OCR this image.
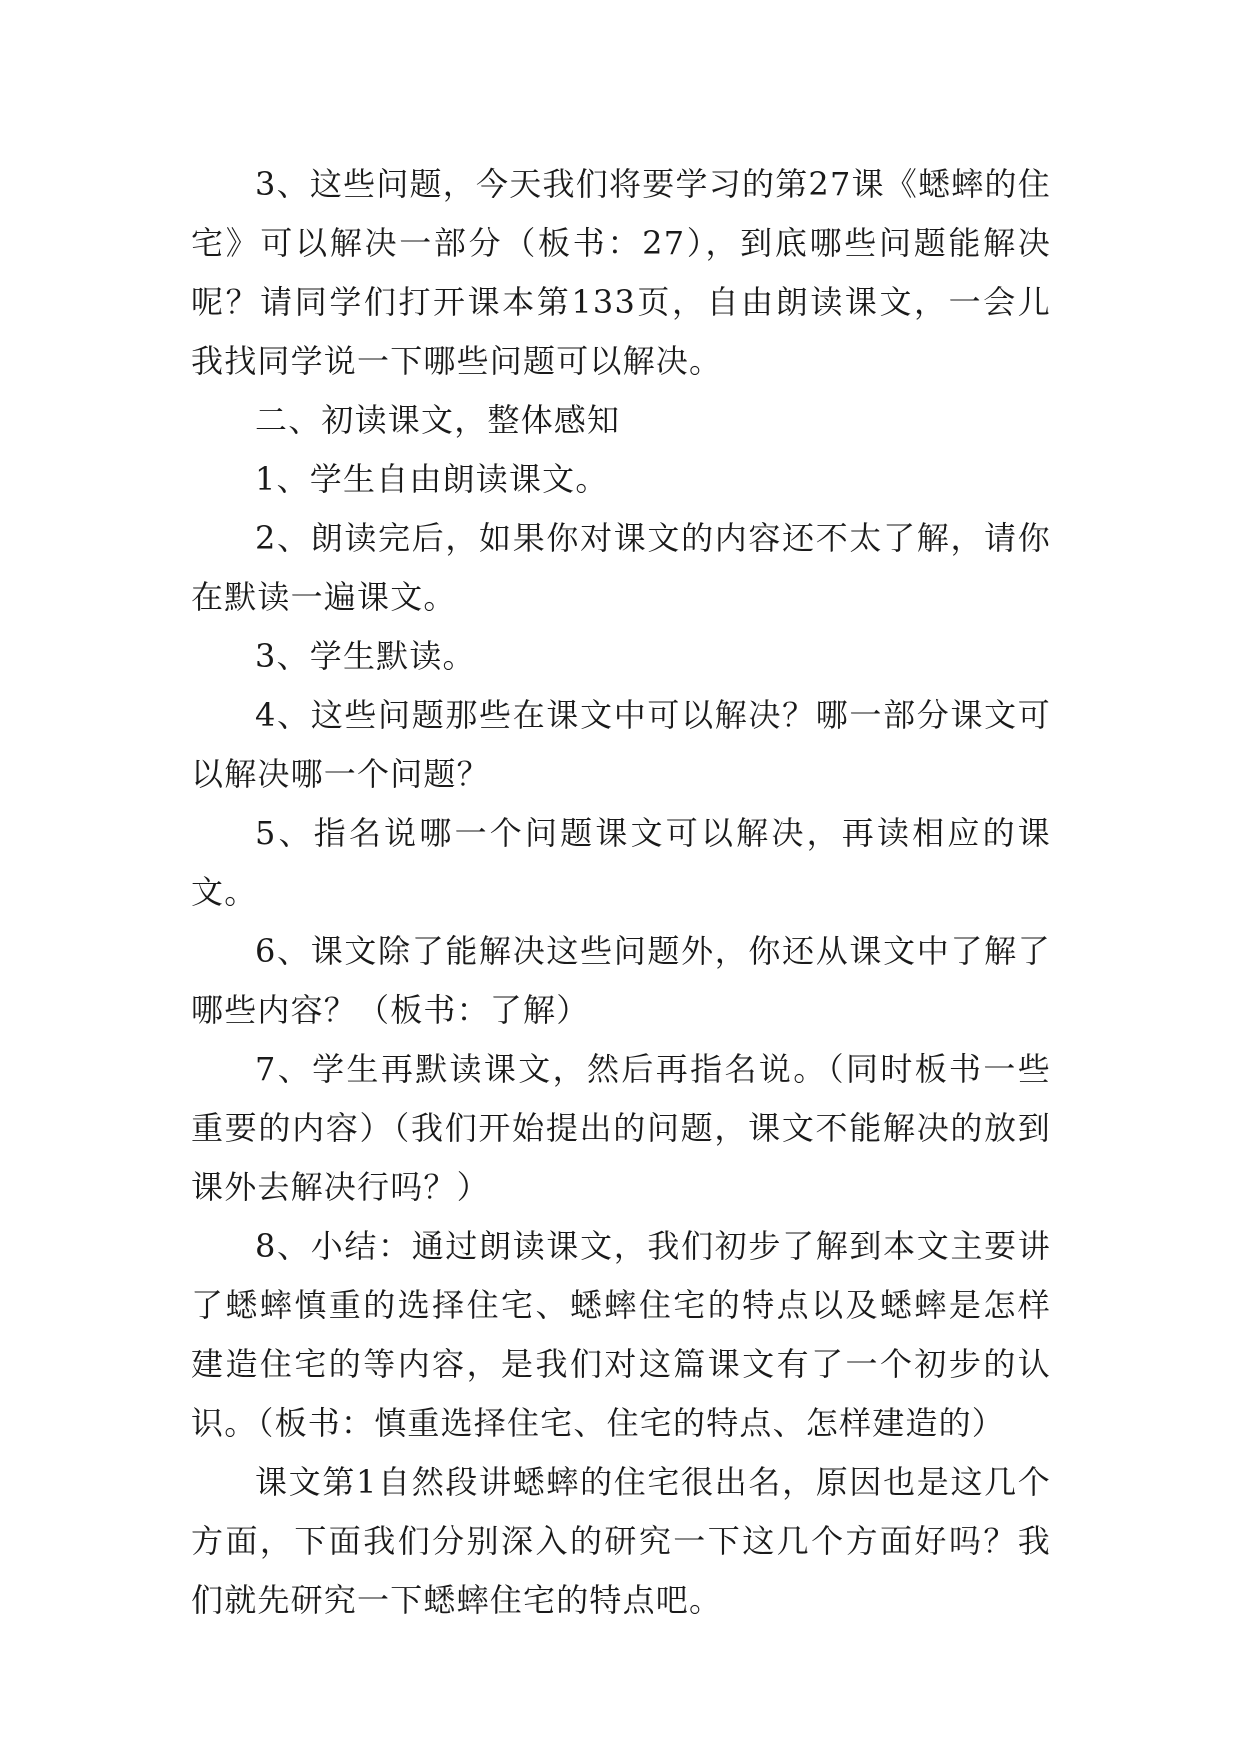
3、这些问题，今天我们将要学习的第27课《蟋蟀的住宅》可以解决一部分（板书：27），到底哪些问题能解决呢？请同学们打开课本第133页，自由朗读课文，一会儿我找同学说一下哪些问题可以解决。

二、初读课文，整体感知

1、学生自由朗读课文。

2、朗读完后，如果你对课文的内容还不太了解，请你在默读一遍课文。

3、学生默读。

4、这些问题那些在课文中可以解决？哪一部分课文可以解决哪一个问题？

5、指名说哪一个问题课文可以解决，再读相应的课文。

6、课文除了能解决这些问题外，你还从课文中了解了哪些内容？（板书：了解）

7、学生再默读课文，然后再指名说。（同时板书一些重要的内容）（我们开始提出的问题，课文不能解决的放到课外去解决行吗？）

8、小结：通过朗读课文，我们初步了解到本文主要讲了蟋蟀慎重的选择住宅、蟋蟀住宅的特点以及蟋蟀是怎样建造住宅的等内容，是我们对这篇课文有了一个初步的认识。（板书：慎重选择住宅、住宅的特点、怎样建造的）

课文第1自然段讲蟋蟀的住宅很出名，原因也是这几个方面，下面我们分别深入的研究一下这几个方面好吗？我们就先研究一下蟋蟀住宅的特点吧。
